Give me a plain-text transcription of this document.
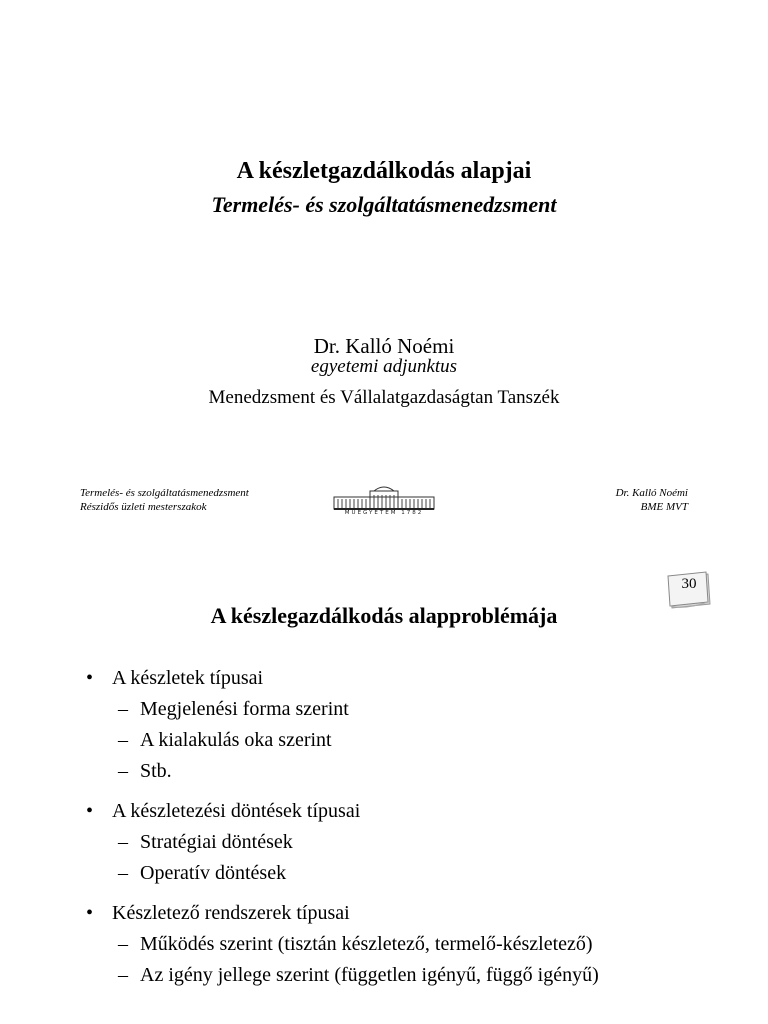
A készletgazdálkodás alapjai
Termelés- és szolgáltatásmenedzsment
Dr. Kalló Noémi
egyetemi adjunktus
Menedzsment és Vállalatgazdaságtan Tanszék
Termelés- és szolgáltatásmenedzsment
Részidős üzleti mesterszakok	MŰEGYETEM 1782
Dr. Kalló Noémi
BME MVT
30
A készlegazdálkodás alapproblémája
• A készletek típusai
– Megjelenési forma szerint
– A kialakulás oka szerint
– Stb.
• A készletezési döntések típusai
– Stratégiai döntések
– Operatív döntések
• Készletező rendszerek típusai
– Működés szerint (tisztán készletező, termelő-készletező)
– Az igény jellege szerint (független igényű, függő igényű)
